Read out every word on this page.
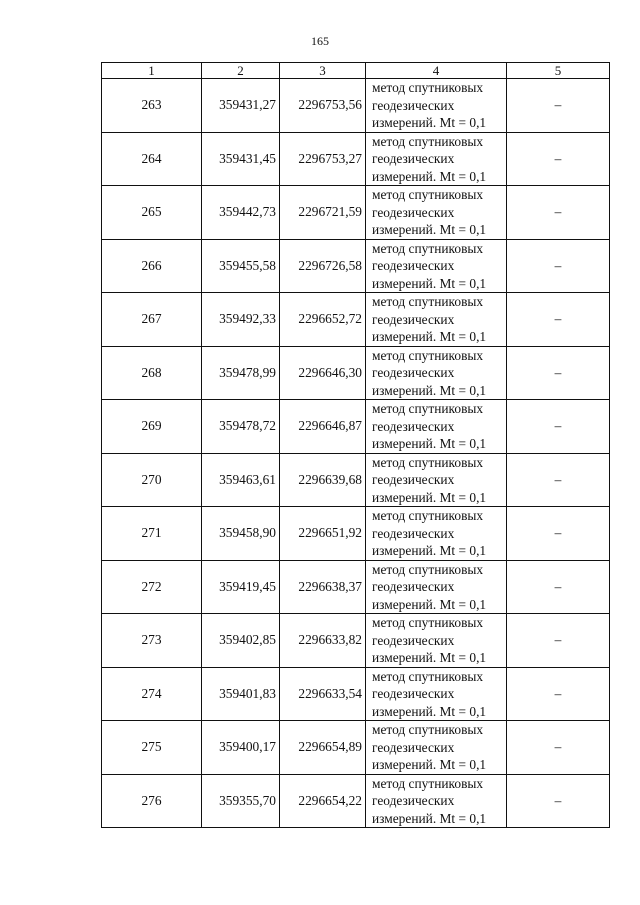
165
1	2	3	4	5
263	359431,27	2296753,56	метод спутниковых
геодезических
измерений. Mt = 0,1	–
264	359431,45	2296753,27	метод спутниковых
геодезических
измерений. Mt = 0,1	–
265	359442,73	2296721,59	метод спутниковых
геодезических
измерений. Mt = 0,1	–
266	359455,58	2296726,58	метод спутниковых
геодезических
измерений. Mt = 0,1	–
267	359492,33	2296652,72	метод спутниковых
геодезических
измерений. Mt = 0,1	–
268	359478,99	2296646,30	метод спутниковых
геодезических
измерений. Mt = 0,1	–
269	359478,72	2296646,87	метод спутниковых
геодезических
измерений. Mt = 0,1	–
270	359463,61	2296639,68	метод спутниковых
геодезических
измерений. Mt = 0,1	–
271	359458,90	2296651,92	метод спутниковых
геодезических
измерений. Mt = 0,1	–
272	359419,45	2296638,37	метод спутниковых
геодезических
измерений. Mt = 0,1	–
273	359402,85	2296633,82	метод спутниковых
геодезических
измерений. Mt = 0,1	–
274	359401,83	2296633,54	метод спутниковых
геодезических
измерений. Mt = 0,1	–
275	359400,17	2296654,89	метод спутниковых
геодезических
измерений. Mt = 0,1	–
276	359355,70	2296654,22	метод спутниковых
геодезических
измерений. Mt = 0,1	–
